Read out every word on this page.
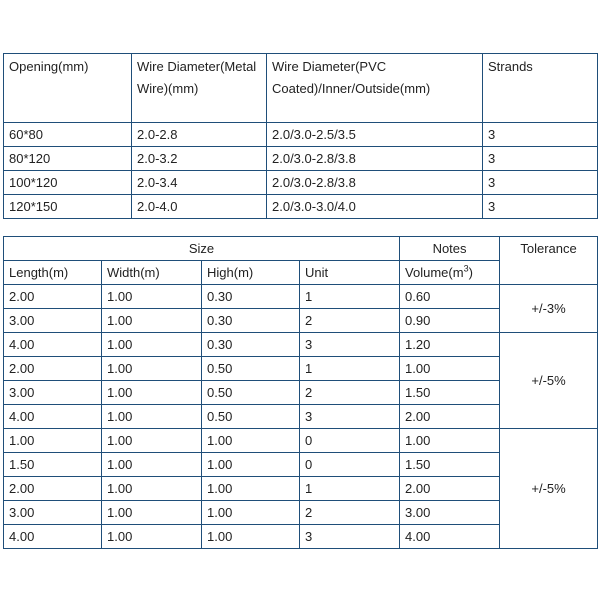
Opening(mm)	Wire Diameter(Metal Wire)(mm)	Wire Diameter(PVC Coated)/Inner/Outside(mm)	Strands
60*80	2.0-2.8	2.0/3.0-2.5/3.5	3
80*120	2.0-3.2	2.0/3.0-2.8/3.8	3
100*120	2.0-3.4	2.0/3.0-2.8/3.8	3
120*150	2.0-4.0	2.0/3.0-3.0/4.0	3
Size				Notes	Tolerance
Length(m)	Width(m)	High(m)	Unit	$Volume(m^3)$	
2.00	1.00	0.30	1	0.60	+/-3%
3.00	1.00	0.30	2	0.90	
4.00	1.00	0.30	3	1.20	+/-5%
2.00	1.00	0.50	1	1.00	
3.00	1.00	0.50	2	1.50	
4.00	1.00	0.50	3	2.00	
1.00	1.00	1.00	0	1.00	+/-5%
1.50	1.00	1.00	0	1.50	
2.00	1.00	1.00	1	2.00	
3.00	1.00	1.00	2	3.00	
4.00	1.00	1.00	3	4.00	
